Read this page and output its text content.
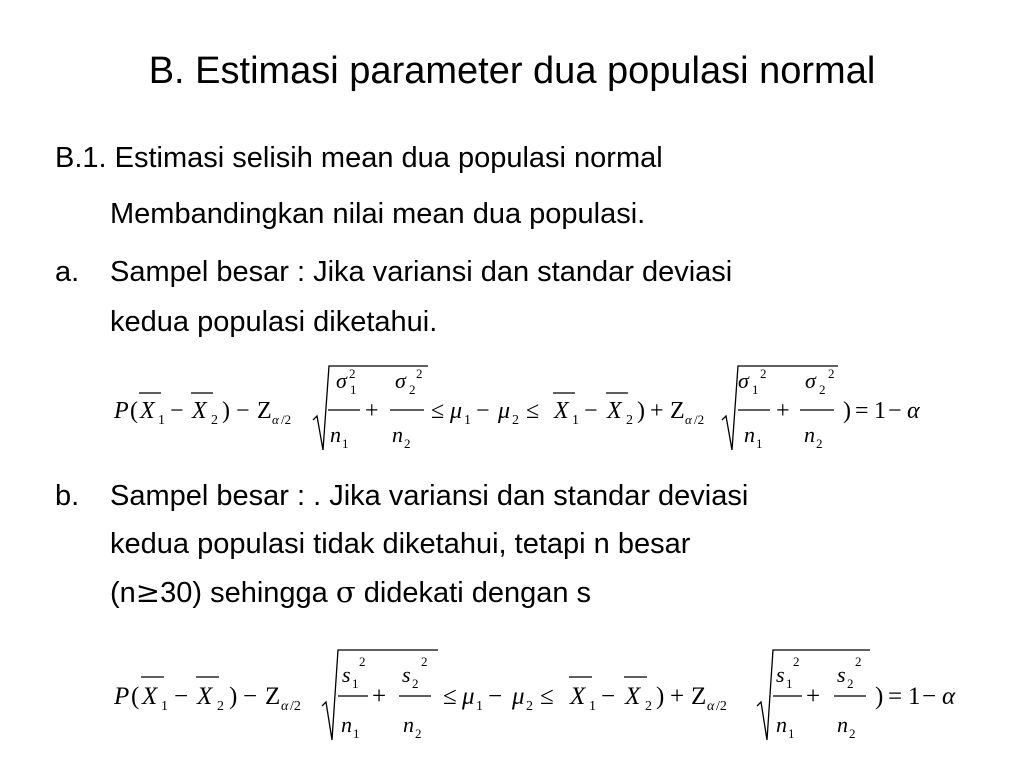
B. Estimasi parameter dua populasi normal
B.1. Estimasi selisih mean dua populasi normal
Membandingkan nilai mean dua populasi.
a. Sampel besar : Jika variansi dan standar deviasi
kedua populasi diketahui.
P ( X 1 − X 2 ) − Z α /2
σ 1
2
n 1
+
σ 2
2
n 2
≤ μ 1 − μ 2 ≤ X 1 − X 2 ) + Z α /2
σ 1
2
n 1
+
σ 2
2
n 2
) = 1 − α
b. Sampel besar : . Jika variansi dan standar deviasi
kedua populasi tidak diketahui, tetapi n besar
(n≥30) sehingga σ didekati dengan s
P ( X 1 − X 2 ) − Z α /2
s 1
2
n 1
+
s 2
2
n 2
≤ μ 1 − μ 2 ≤ X 1 − X 2 ) + Z α /2
s 1
2
n 1
+
s 2
2
n 2
) = 1 − α
